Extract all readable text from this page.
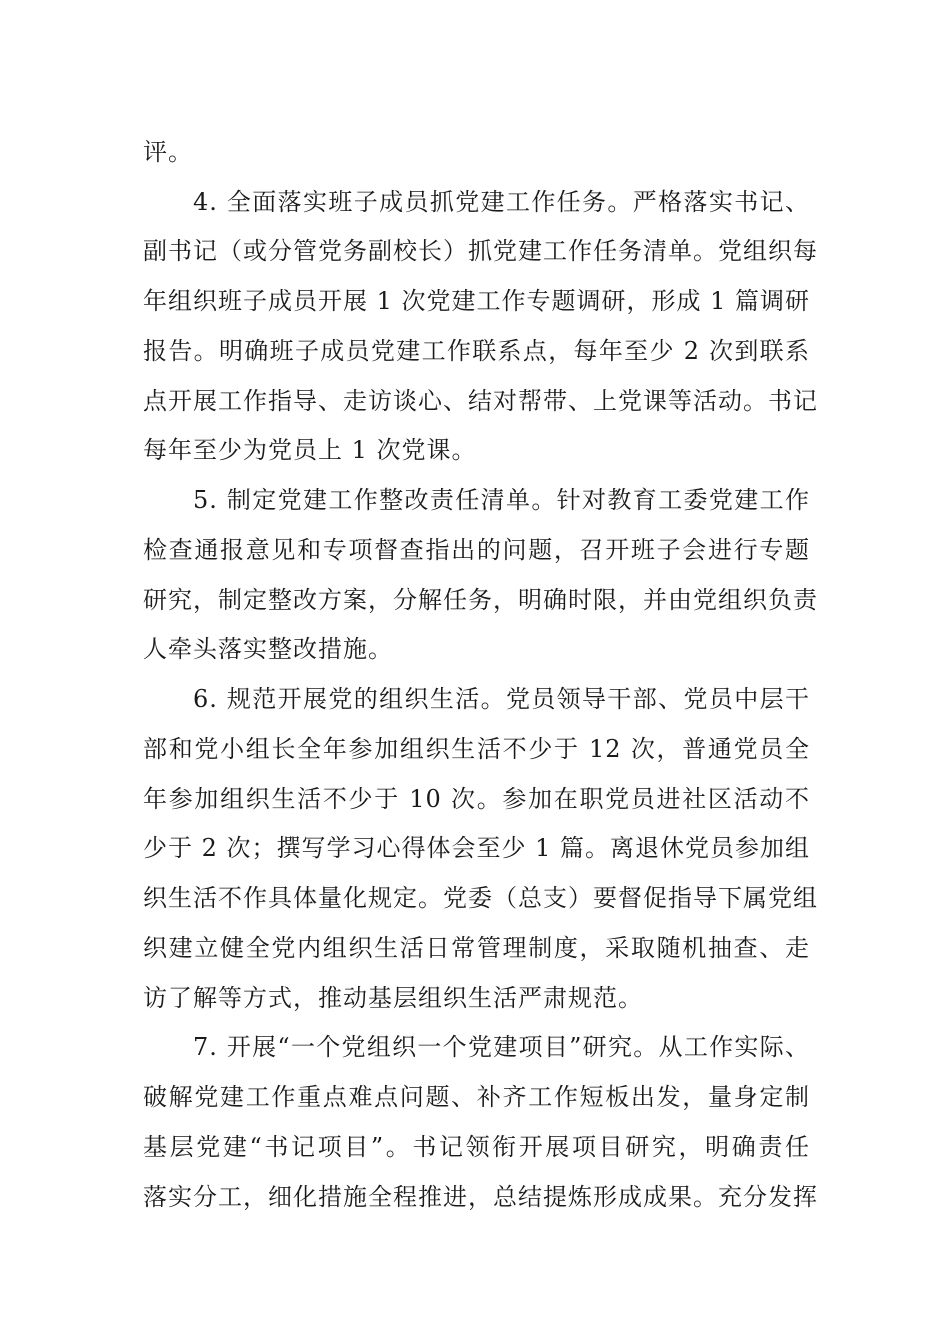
评。
4. 全面落实班子成员抓党建工作任务。严格落实书记、
副书记（或分管党务副校长）抓党建工作任务清单。党组织每
年组织班子成员开展 1 次党建工作专题调研，形成 1 篇调研
报告。明确班子成员党建工作联系点，每年至少 2 次到联系
点开展工作指导、走访谈心、结对帮带、上党课等活动。书记
每年至少为党员上 1 次党课。
5. 制定党建工作整改责任清单。针对教育工委党建工作
检查通报意见和专项督查指出的问题，召开班子会进行专题
研究，制定整改方案，分解任务，明确时限，并由党组织负责
人牵头落实整改措施。
6. 规范开展党的组织生活。党员领导干部、党员中层干
部和党小组长全年参加组织生活不少于 12 次，普通党员全
年参加组织生活不少于 10 次。参加在职党员进社区活动不
少于 2 次；撰写学习心得体会至少 1 篇。离退休党员参加组
织生活不作具体量化规定。党委（总支）要督促指导下属党组
织建立健全党内组织生活日常管理制度，采取随机抽查、走
访了解等方式，推动基层组织生活严肃规范。
7. 开展“一个党组织一个党建项目”研究。从工作实际、
破解党建工作重点难点问题、补齐工作短板出发，量身定制
基层党建“书记项目”。书记领衔开展项目研究，明确责任
落实分工，细化措施全程推进，总结提炼形成成果。充分发挥
